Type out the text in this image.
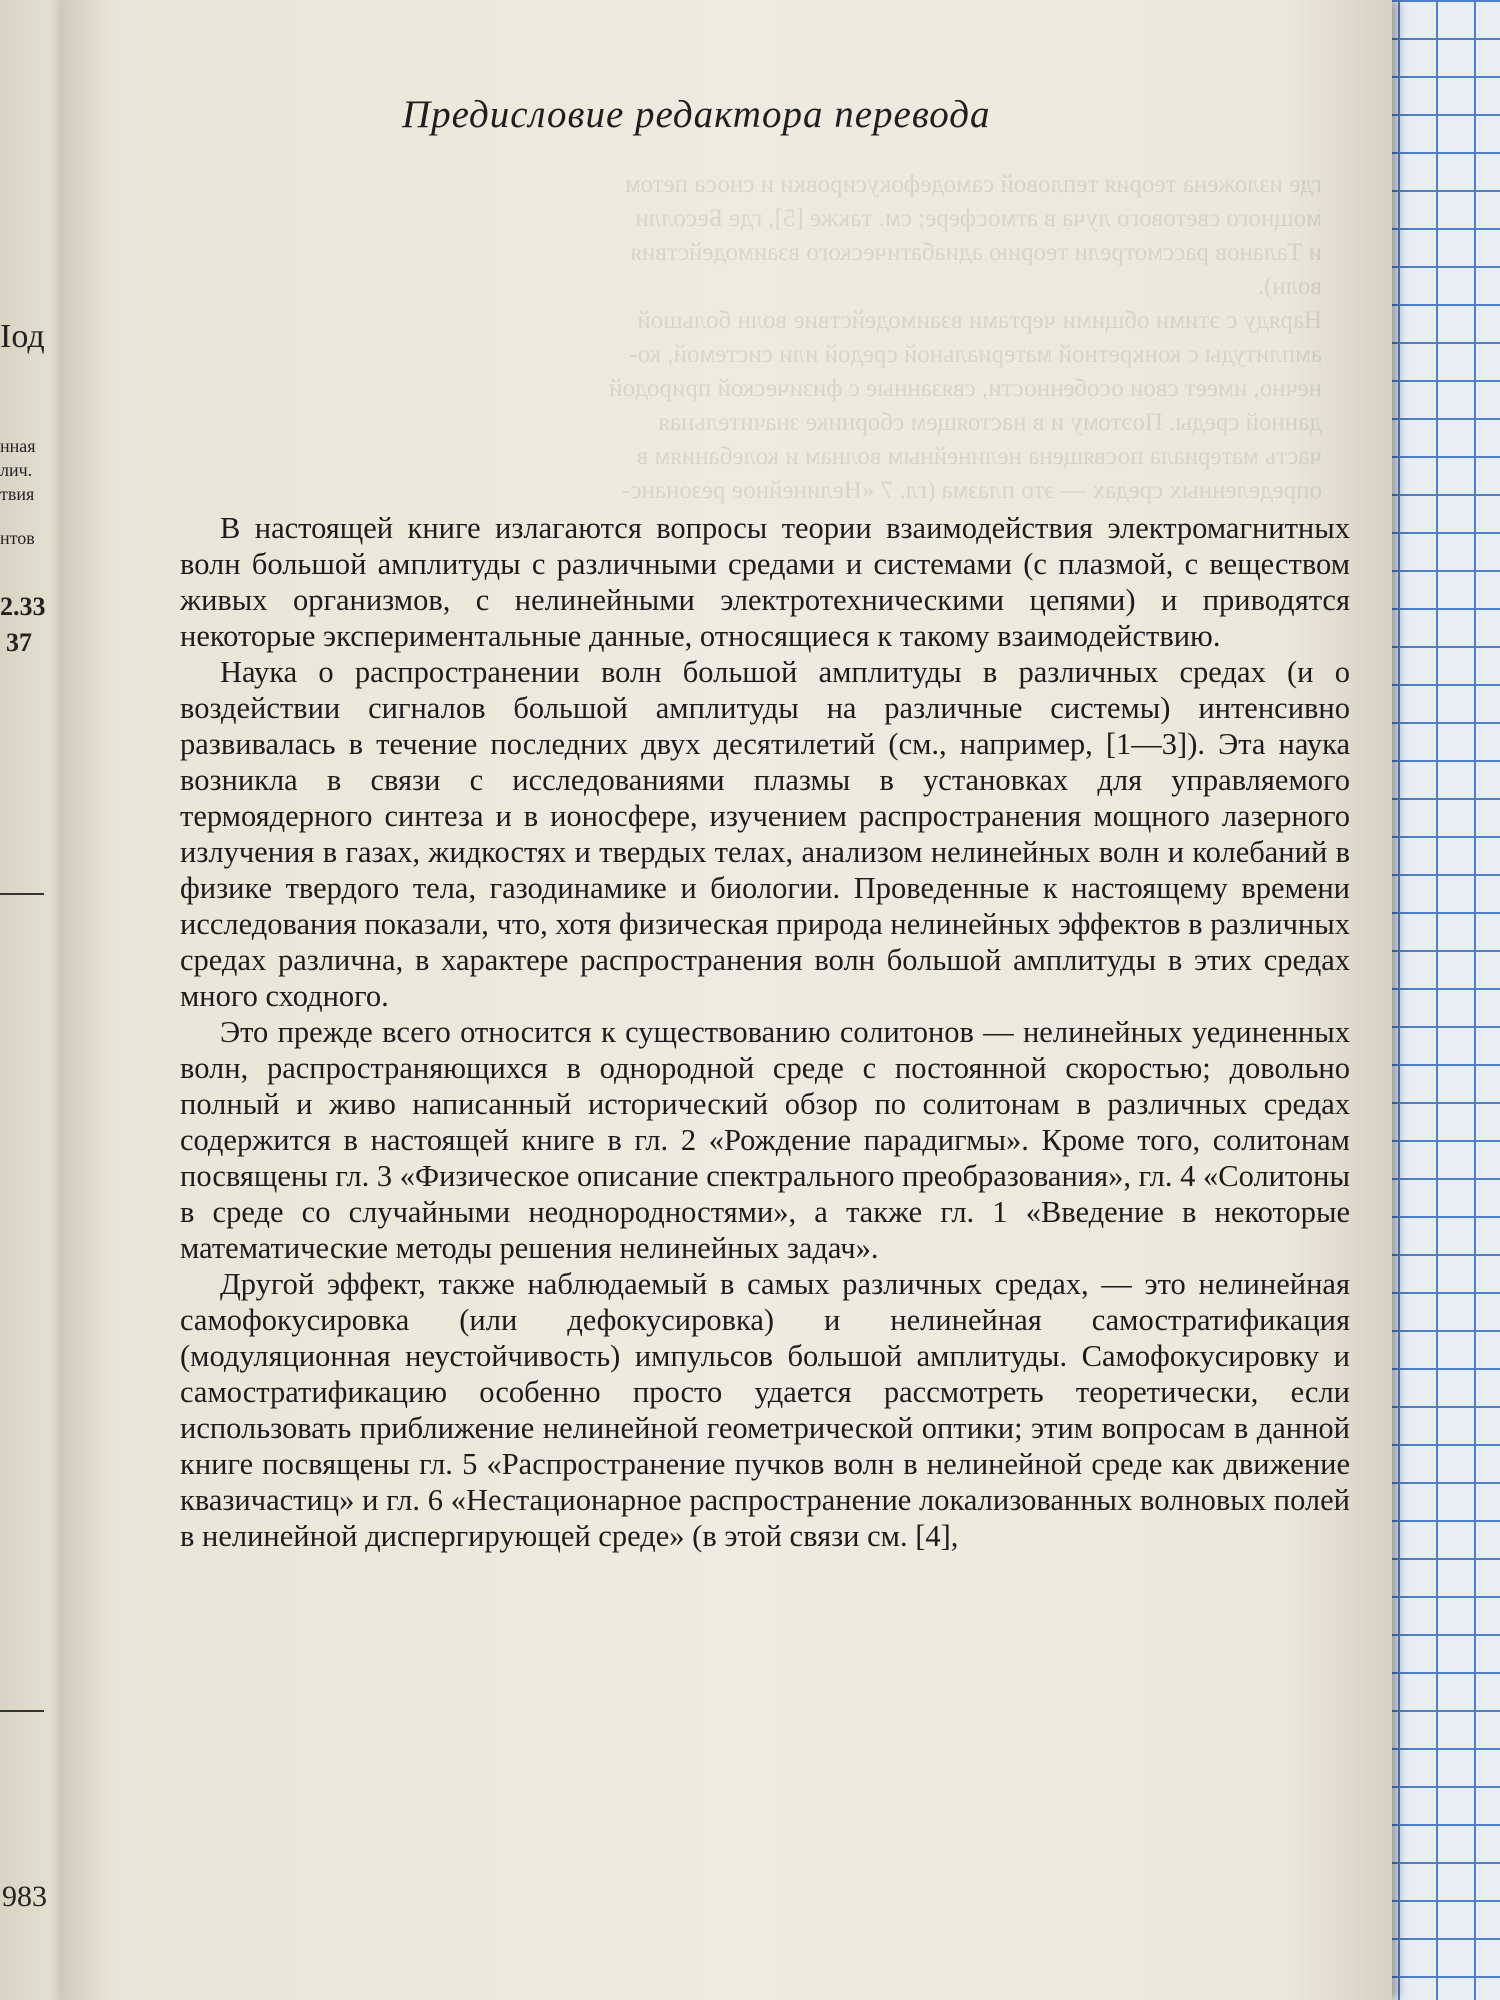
Іод
нная
лич.
твия
нтов
2.33
37
983
где изложена теория тепловой самодефокусировки и сноса петом
мощного светового луча в атмосфере; см. также [5], где Бесолли
и Таланов рассмотрели теорию адиабатического взаимодействия
волн).
Наряду с этими общими чертами взаимодействие волн большой
амплитуды с конкретной материальной средой или системой, ко-
нечно, имеет свои особенности, связанные с физической природой
данной среды. Поэтому и в настоящем сборнике значительная
часть материала посвящена нелинейным волнам и колебаниям в
определенных средах — это плазма (гл. 7 «Нелинейное резонанс-
Предисловие редактора перевода

В настоящей книге излагаются вопросы теории взаимодействия электромагнитных волн большой амплитуды с различными средами и системами (с плазмой, с веществом живых организмов, с нелинейными электротехническими цепями) и приводятся некоторые экспериментальные данные, относящиеся к такому взаимодействию.

Наука о распространении волн большой амплитуды в различных средах (и о воздействии сигналов большой амплитуды на различные системы) интенсивно развивалась в течение последних двух десятилетий (см., например, [1—3]). Эта наука возникла в связи с исследованиями плазмы в установках для управляемого термоядерного синтеза и в ионосфере, изучением распространения мощного лазерного излучения в газах, жидкостях и твердых телах, анализом нелинейных волн и колебаний в физике твердого тела, газодинамике и биологии. Проведенные к настоящему времени исследования показали, что, хотя физическая природа нелинейных эффектов в различных средах различна, в характере распространения волн большой амплитуды в этих средах много сходного.

Это прежде всего относится к существованию солитонов — нелинейных уединенных волн, распространяющихся в однородной среде с постоянной скоростью; довольно полный и живо написанный исторический обзор по солитонам в различных средах содержится в настоящей книге в гл. 2 «Рождение парадигмы». Кроме того, солитонам посвящены гл. 3 «Физическое описание спектрального преобразования», гл. 4 «Солитоны в среде со случайными неоднородностями», а также гл. 1 «Введение в некоторые математические методы решения нелинейных задач».

Другой эффект, также наблюдаемый в самых различных средах, — это нелинейная самофокусировка (или дефокусировка) и нелинейная самостратификация (модуляционная неустойчивость) импульсов большой амплитуды. Самофокусировку и самостратификацию особенно просто удается рассмотреть теоретически, если использовать приближение нелинейной геометрической оптики; этим вопросам в данной книге посвящены гл. 5 «Распространение пучков волн в нелинейной среде как движение квазичастиц» и гл. 6 «Нестационарное распространение локализованных волновых полей в нелинейной диспергирующей среде» (в этой связи см. [4],
